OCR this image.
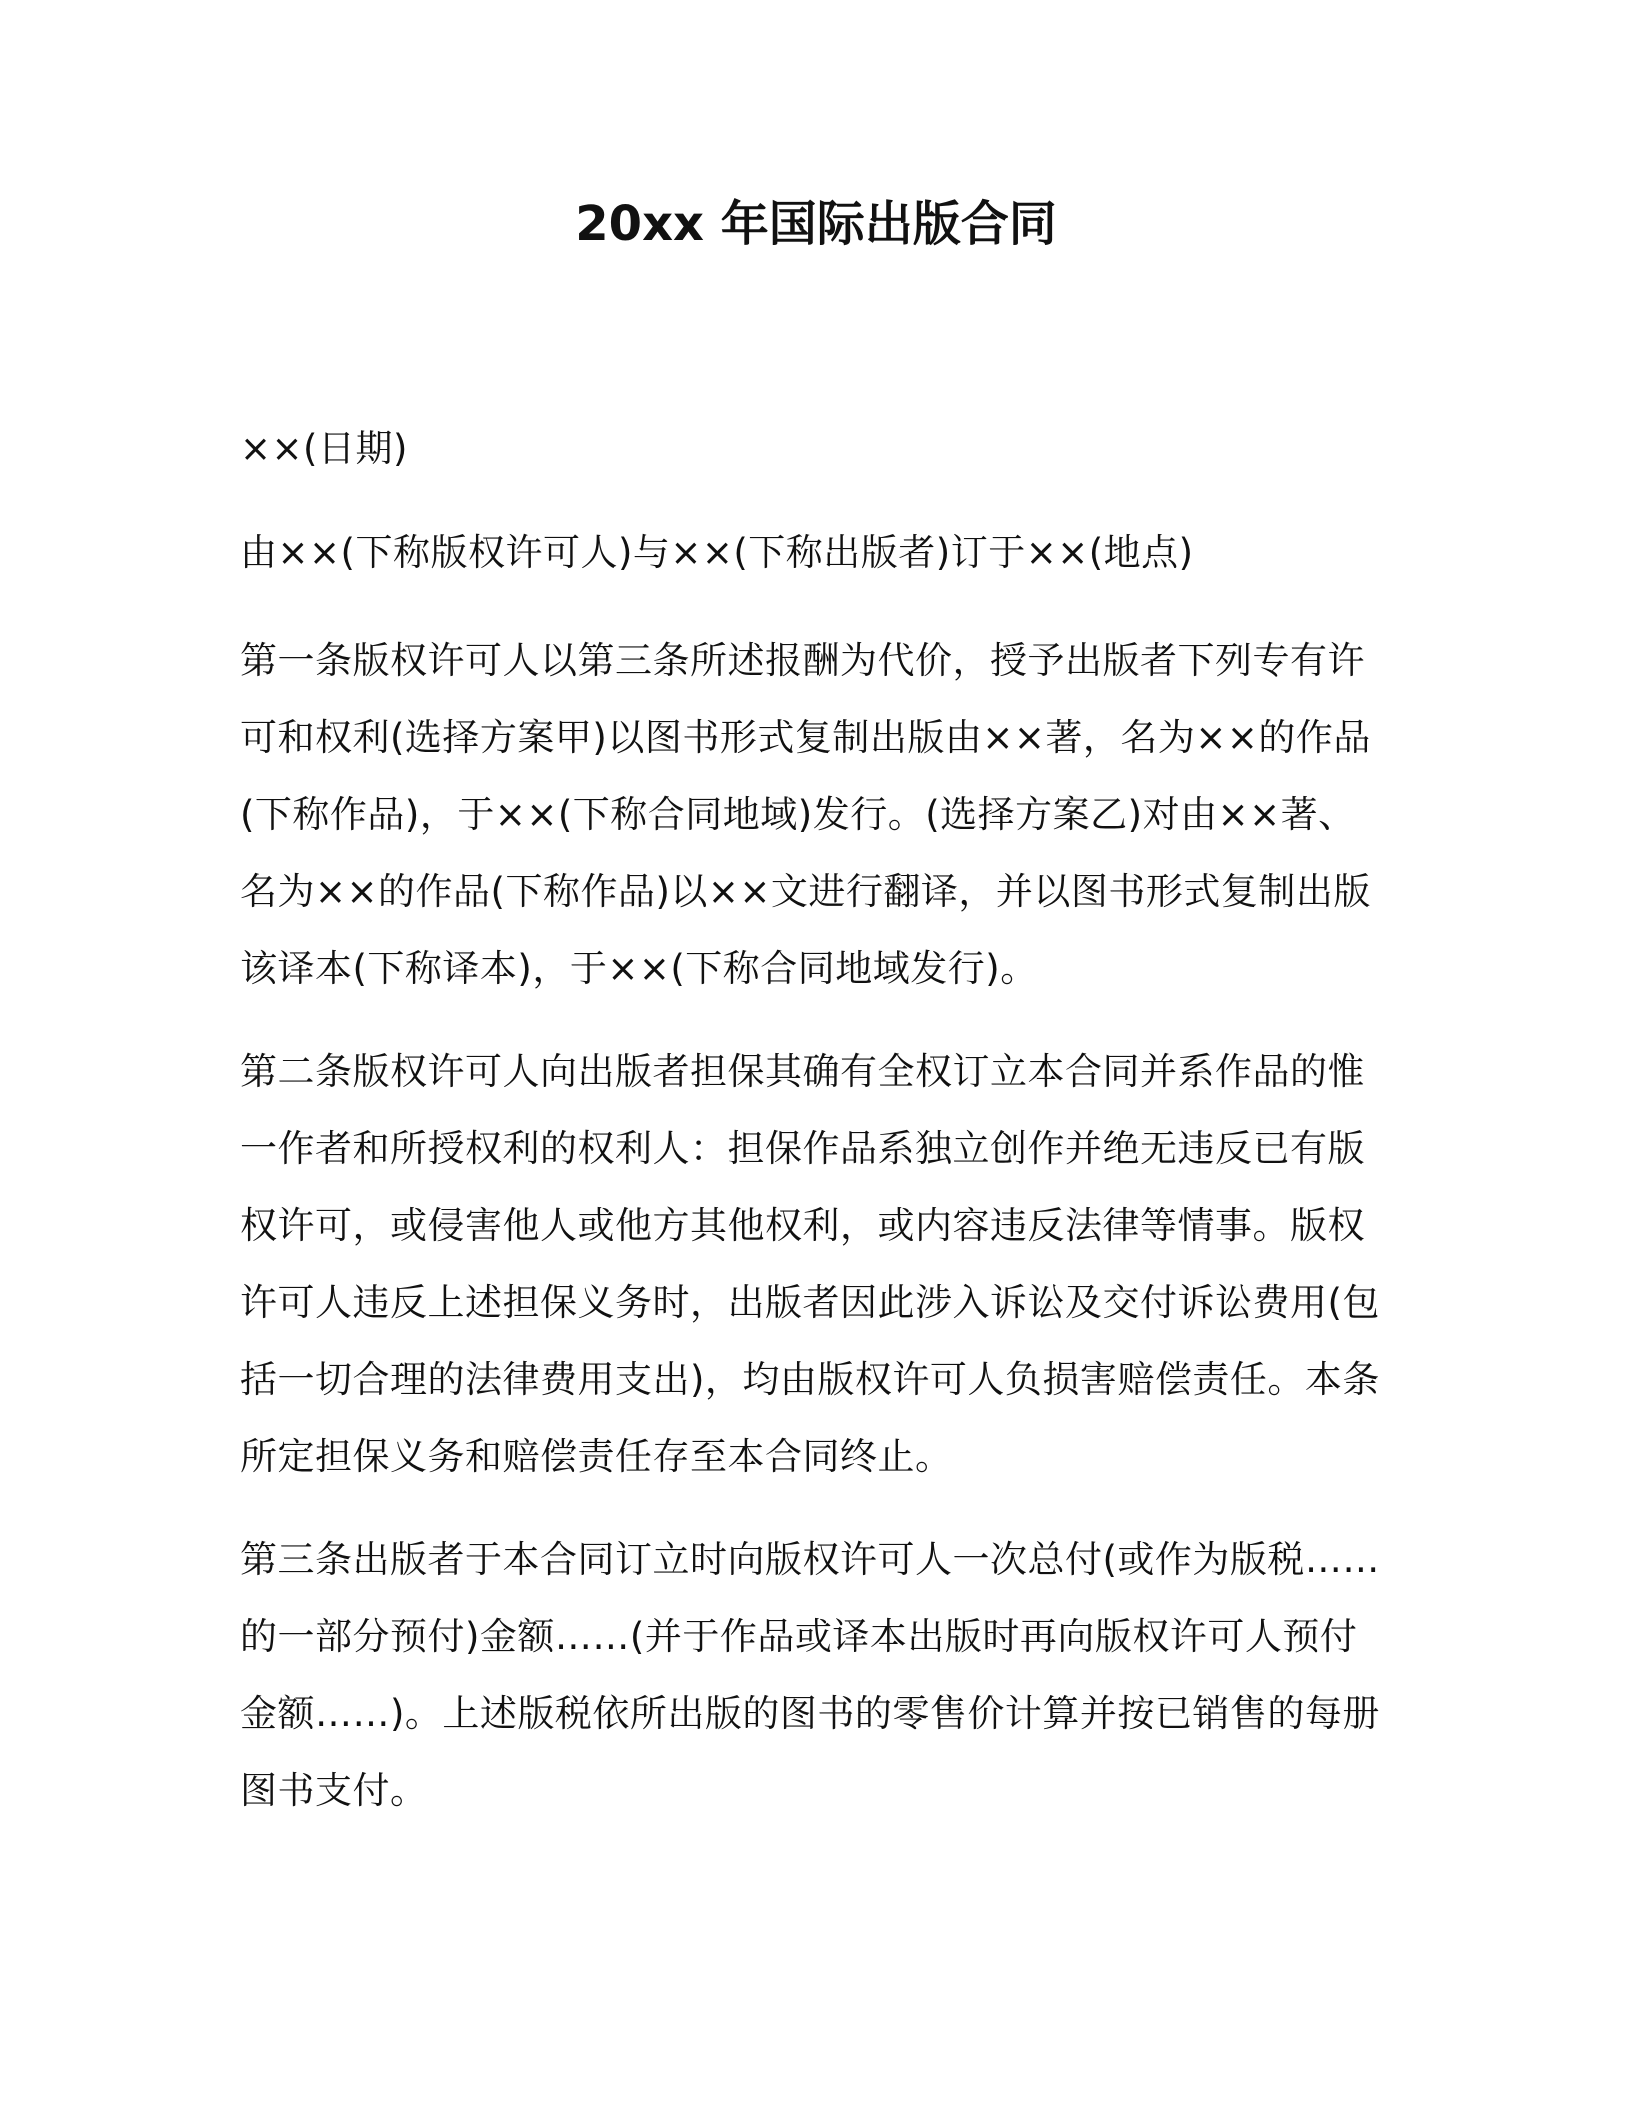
20xx 年国际出版合同

××(日期)

由××(下称版权许可人)与××(下称出版者)订于××(地点)

第一条版权许可人以第三条所述报酬为代价，授予出版者下列专有许可和权利(选择方案甲)以图书形式复制出版由××著，名为××的作品(下称作品)，于××(下称合同地域)发行。(选择方案乙)对由××著、名为××的作品(下称作品)以××文进行翻译，并以图书形式复制出版该译本(下称译本)，于××(下称合同地域发行)。

第二条版权许可人向出版者担保其确有全权订立本合同并系作品的惟一作者和所授权利的权利人：担保作品系独立创作并绝无违反已有版权许可，或侵害他人或他方其他权利，或内容违反法律等情事。版权许可人违反上述担保义务时，出版者因此涉入诉讼及交付诉讼费用(包括一切合理的法律费用支出)，均由版权许可人负损害赔偿责任。本条所定担保义务和赔偿责任存至本合同终止。

第三条出版者于本合同订立时向版权许可人一次总付(或作为版税……的一部分预付)金额……(并于作品或译本出版时再向版权许可人预付金额……)。上述版税依所出版的图书的零售价计算并按已销售的每册图书支付。
